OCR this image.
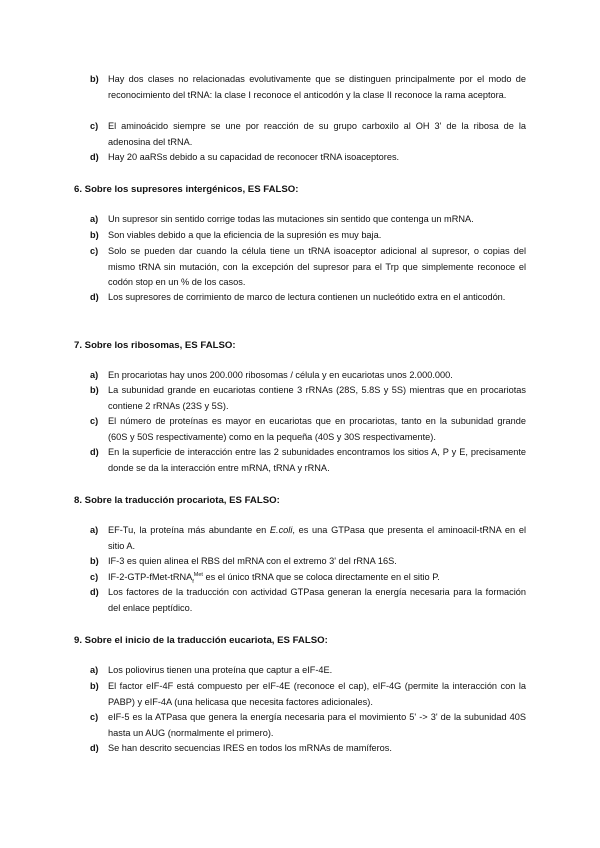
b)	Hay dos clases no relacionadas evolutivamente que se distinguen principalmente por el modo de reconocimiento del tRNA: la clase I reconoce el anticodón y la clase II reconoce la rama aceptora.
c)	El aminoácido siempre se une por reacción de su grupo carboxilo al OH 3' de la ribosa de la adenosina del tRNA.
d)	Hay 20 aaRSs debido a su capacidad de reconocer tRNA isoaceptores.
6. Sobre los supresores intergénicos, ES FALSO:
a)	Un supresor sin sentido corrige todas las mutaciones sin sentido que contenga un mRNA.
b)	Son viables debido a que la eficiencia de la supresión es muy baja.
c)	Solo se pueden dar cuando la célula tiene un tRNA isoaceptor adicional al supresor, o copias del mismo tRNA sin mutación, con la excepción del supresor para el Trp que simplemente reconoce el codón stop en un % de los casos.
d)	Los supresores de corrimiento de marco de lectura contienen un nucleótido extra en el anticodón.
7. Sobre los ribosomas, ES FALSO:
a)	En procariotas hay unos 200.000 ribosomas / célula y en eucariotas unos 2.000.000.
b)	La subunidad grande en eucariotas contiene 3 rRNAs (28S, 5.8S y 5S) mientras que en procariotas contiene 2 rRNAs (23S y 5S).
c)	El número de proteínas es mayor en eucariotas que en procariotas, tanto en la subunidad grande (60S y 50S respectivamente) como en la pequeña (40S y 30S respectivamente).
d)	En la superficie de interacción entre las 2 subunidades encontramos los sitios A, P y E, precisamente donde se da la interacción entre mRNA, tRNA y rRNA.
8. Sobre la traducción procariota, ES FALSO:
a)	EF-Tu, la proteína más abundante en E.coli, es una GTPasa que presenta el aminoacil-tRNA en el sitio A.
b)	IF-3 es quien alinea el RBS del mRNA con el extremo 3' del rRNA 16S.
c)	IF-2-GTP-fMet-tRNA$_f^{Met}$ es el único tRNA que se coloca directamente en el sitio P.
d)	Los factores de la traducción con actividad GTPasa generan la energía necesaria para la formación del enlace peptídico.
9. Sobre el inicio de la traducción eucariota, ES FALSO:
a)	Los poliovirus tienen una proteína que captur a eIF-4E.
b)	El factor eIF-4F está compuesto per eIF-4E (reconoce el cap), eIF-4G (permite la interacción con la PABP) y eIF-4A (una helicasa que necesita factores adicionales).
c)	eIF-5 es la ATPasa que genera la energía necesaria para el movimiento 5' -> 3' de la subunidad 40S hasta un AUG (normalmente el primero).
d)	Se han descrito secuencias IRES en todos los mRNAs de mamíferos.
